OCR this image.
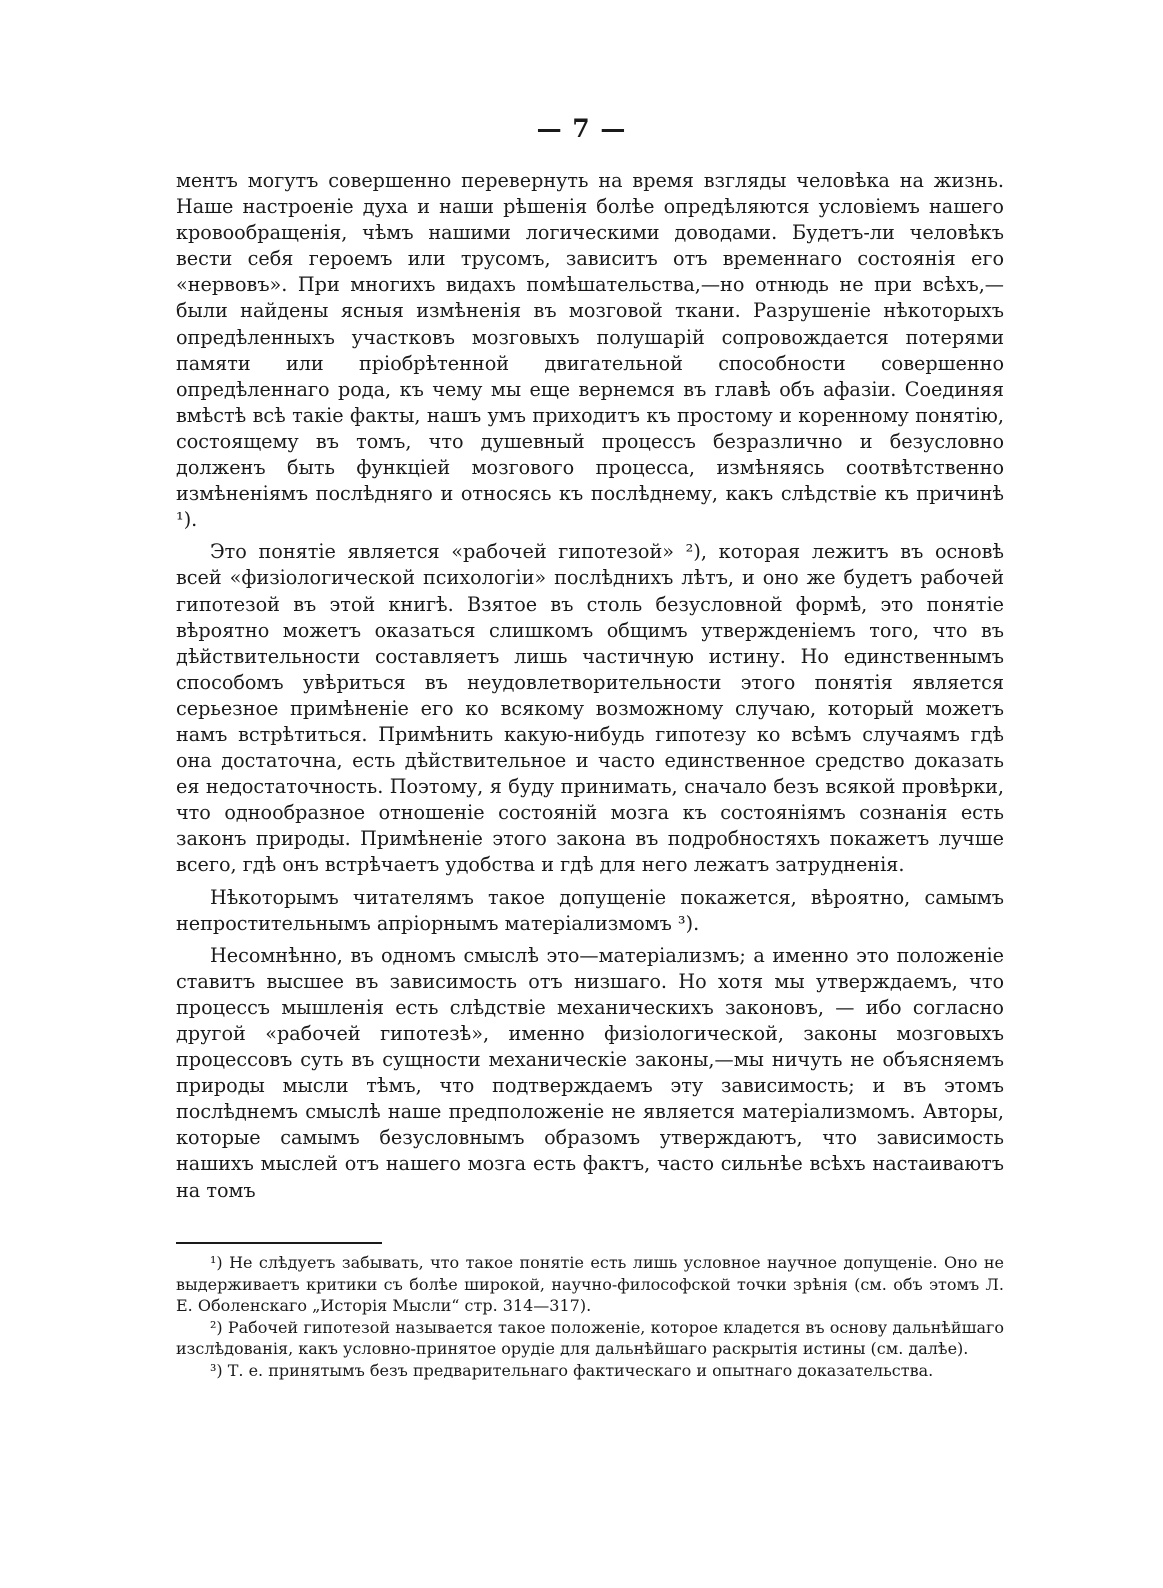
— 7 —

ментъ могутъ совершенно перевернуть на время взгляды человѣка на жизнь. Наше настроенiе духа и наши рѣшенiя болѣе опредѣляются условiемъ нашего кровообращенiя, чѣмъ нашими логическими доводами. Будетъ-ли человѣкъ вести себя героемъ или трусомъ, зависитъ отъ временнаго состоянiя его «нервовъ». При многихъ видахъ помѣшательства,—но отнюдь не при всѣхъ,—были найдены ясныя измѣненiя въ мозговой ткани. Разрушенiе нѣкоторыхъ опредѣленныхъ участковъ мозговыхъ полушарiй сопровождается потерями памяти или прiобрѣтенной двигательной способности совершенно опредѣленнаго рода, къ чему мы еще вернемся въ главѣ объ афазiи. Соединяя вмѣстѣ всѣ такiе факты, нашъ умъ приходитъ къ простому и коренному понятiю, состоящему въ томъ, что душевный процессъ безразлично и безусловно долженъ быть функцiей мозгового процесса, измѣняясь соотвѣтственно измѣненiямъ послѣдняго и относясь къ послѣднему, какъ слѣдствiе къ причинѣ ¹).

Это понятiе является «рабочей гипотезой» ²), которая лежитъ въ основѣ всей «физiологической психологiи» послѣднихъ лѣтъ, и оно же будетъ рабочей гипотезой въ этой книгѣ. Взятое въ столь безусловной формѣ, это понятiе вѣроятно можетъ оказаться слишкомъ общимъ утвержденiемъ того, что въ дѣйствительности составляетъ лишь частичную истину. Но единственнымъ способомъ увѣриться въ неудовлетворительности этого понятiя является серьезное примѣненiе его ко всякому возможному случаю, который можетъ намъ встрѣтиться. Примѣнить какую-нибудь гипотезу ко всѣмъ случаямъ гдѣ она достаточна, есть дѣйствительное и часто единственное средство доказать ея недостаточность. Поэтому, я буду принимать, сначало безъ всякой провѣрки, что однообразное отношенiе состоянiй мозга къ состоянiямъ сознанiя есть законъ природы. Примѣненiе этого закона въ подробностяхъ покажетъ лучше всего, гдѣ онъ встрѣчаетъ удобства и гдѣ для него лежатъ затрудненiя.

Нѣкоторымъ читателямъ такое допущенiе покажется, вѣроятно, самымъ непростительнымъ апрiорнымъ матерiализмомъ ³).

Несомнѣнно, въ одномъ смыслѣ это—матерiализмъ; а именно это положенiе ставитъ высшее въ зависимость отъ низшаго. Но хотя мы утверждаемъ, что процессъ мышленiя есть слѣдствiе механическихъ законовъ, — ибо согласно другой «рабочей гипотезѣ», именно физiологической, законы мозговыхъ процессовъ суть въ сущности механическiе законы,—мы ничуть не объясняемъ природы мысли тѣмъ, что подтверждаемъ эту зависимость; и въ этомъ послѣднемъ смыслѣ наше предположенiе не является матерiализмомъ. Авторы, которые самымъ безусловнымъ образомъ утверждаютъ, что зависимость нашихъ мыслей отъ нашего мозга есть фактъ, часто сильнѣе всѣхъ настаиваютъ на томъ

¹) Не слѣдуетъ забывать, что такое понятiе есть лишь условное научное допущенiе. Оно не выдерживаетъ критики съ болѣе широкой, научно-философской точки зрѣнiя (см. объ этомъ Л. Е. Оболенскаго „Исторiя Мысли“ стр. 314—317).

²) Рабочей гипотезой называется такое положенiе, которое кладется въ основу дальнѣйшаго изслѣдованiя, какъ условно-принятое орудiе для дальнѣйшаго раскрытiя истины (см. далѣе).

³) Т. е. принятымъ безъ предварительнаго фактическаго и опытнаго доказательства.
